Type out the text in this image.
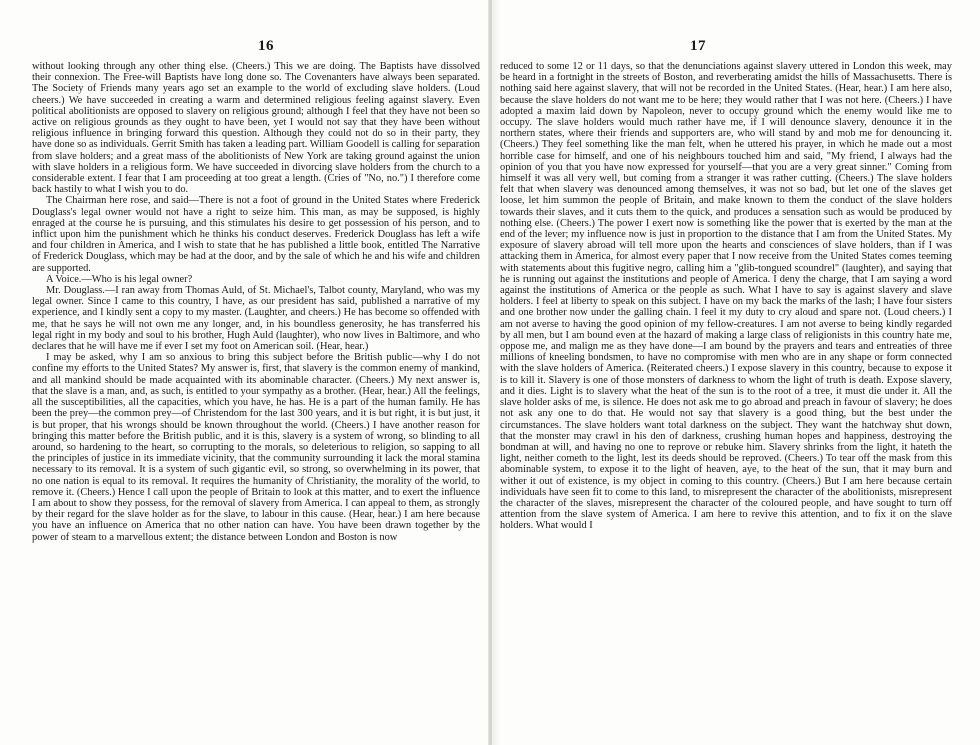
16

without looking through any other thing else. (Cheers.) This we are doing. The Baptists have dissolved their connexion. The Free-will Baptists have long done so. The Covenanters have always been separated. The Society of Friends many years ago set an example to the world of excluding slave holders. (Loud cheers.) We have succeeded in creating a warm and determined religious feeling against slavery. Even political abolitionists are opposed to slavery on religious ground; although I feel that they have not been so active on religious grounds as they ought to have been, yet I would not say that they have been without religious influence in bringing forward this question. Although they could not do so in their party, they have done so as individuals. Gerrit Smith has taken a leading part. William Goodell is calling for separation from slave holders; and a great mass of the abolitionists of New York are taking ground against the union with slave holders in a religious form. We have succeeded in divorcing slave holders from the church to a considerable extent. I fear that I am proceeding at too great a length. (Cries of "No, no.") I therefore come back hastily to what I wish you to do.

The Chairman here rose, and said—There is not a foot of ground in the United States where Frederick Douglass's legal owner would not have a right to seize him. This man, as may be supposed, is highly enraged at the course he is pursuing, and this stimulates his desire to get possession of his person, and to inflict upon him the punishment which he thinks his conduct deserves. Frederick Douglass has left a wife and four children in America, and I wish to state that he has published a little book, entitled The Narrative of Frederick Douglass, which may be had at the door, and by the sale of which he and his wife and children are supported.

A Voice.—Who is his legal owner?

Mr. Douglass.—I ran away from Thomas Auld, of St. Michael's, Talbot county, Maryland, who was my legal owner. Since I came to this country, I have, as our president has said, published a narrative of my experience, and I kindly sent a copy to my master. (Laughter, and cheers.) He has become so offended with me, that he says he will not own me any longer, and, in his boundless generosity, he has transferred his legal right in my body and soul to his brother, Hugh Auld (laughter), who now lives in Baltimore, and who declares that he will have me if ever I set my foot on American soil. (Hear, hear.)

I may be asked, why I am so anxious to bring this subject before the British public—why I do not confine my efforts to the United States? My answer is, first, that slavery is the common enemy of mankind, and all mankind should be made acquainted with its abominable character. (Cheers.) My next answer is, that the slave is a man, and, as such, is entitled to your sympathy as a brother. (Hear, hear.) All the feelings, all the susceptibilities, all the capacities, which you have, he has. He is a part of the human family. He has been the prey—the common prey—of Christendom for the last 300 years, and it is but right, it is but just, it is but proper, that his wrongs should be known throughout the world. (Cheers.) I have another reason for bringing this matter before the British public, and it is this, slavery is a system of wrong, so blinding to all around, so hardening to the heart, so corrupting to the morals, so deleterious to religion, so sapping to all the principles of justice in its immediate vicinity, that the community surrounding it lack the moral stamina necessary to its removal. It is a system of such gigantic evil, so strong, so overwhelming in its power, that no one nation is equal to its removal. It requires the humanity of Christianity, the morality of the world, to remove it. (Cheers.) Hence I call upon the people of Britain to look at this matter, and to exert the influence I am about to show they possess, for the removal of slavery from America. I can appeal to them, as strongly by their regard for the slave holder as for the slave, to labour in this cause. (Hear, hear.) I am here because you have an influence on America that no other nation can have. You have been drawn together by the power of steam to a marvellous extent; the distance between London and Boston is now

17

reduced to some 12 or 11 days, so that the denunciations against slavery uttered in London this week, may be heard in a fortnight in the streets of Boston, and reverberating amidst the hills of Massachusetts. There is nothing said here against slavery, that will not be recorded in the United States. (Hear, hear.) I am here also, because the slave holders do not want me to be here; they would rather that I was not here. (Cheers.) I have adopted a maxim laid down by Napoleon, never to occupy ground which the enemy would like me to occupy. The slave holders would much rather have me, if I will denounce slavery, denounce it in the northern states, where their friends and supporters are, who will stand by and mob me for denouncing it. (Cheers.) They feel something like the man felt, when he uttered his prayer, in which he made out a most horrible case for himself, and one of his neighbours touched him and said, "My friend, I always had the opinion of you that you have now expressed for yourself—that you are a very great sinner." Coming from himself it was all very well, but coming from a stranger it was rather cutting. (Cheers.) The slave holders felt that when slavery was denounced among themselves, it was not so bad, but let one of the slaves get loose, let him summon the people of Britain, and make known to them the conduct of the slave holders towards their slaves, and it cuts them to the quick, and produces a sensation such as would be produced by nothing else. (Cheers.) The power I exert now is something like the power that is exerted by the man at the end of the lever; my influence now is just in proportion to the distance that I am from the United States. My exposure of slavery abroad will tell more upon the hearts and consciences of slave holders, than if I was attacking them in America, for almost every paper that I now receive from the United States comes teeming with statements about this fugitive negro, calling him a "glib-tongued scoundrel" (laughter), and saying that he is running out against the institutions and people of America. I deny the charge, that I am saying a word against the institutions of America or the people as such. What I have to say is against slavery and slave holders. I feel at liberty to speak on this subject. I have on my back the marks of the lash; I have four sisters and one brother now under the galling chain. I feel it my duty to cry aloud and spare not. (Loud cheers.) I am not averse to having the good opinion of my fellow-creatures. I am not averse to being kindly regarded by all men, but I am bound even at the hazard of making a large class of religionists in this country hate me, oppose me, and malign me as they have done—I am bound by the prayers and tears and entreaties of three millions of kneeling bondsmen, to have no compromise with men who are in any shape or form connected with the slave holders of America. (Reiterated cheers.) I expose slavery in this country, because to expose it is to kill it. Slavery is one of those monsters of darkness to whom the light of truth is death. Expose slavery, and it dies. Light is to slavery what the heat of the sun is to the root of a tree, it must die under it. All the slave holder asks of me, is silence. He does not ask me to go abroad and preach in favour of slavery; he does not ask any one to do that. He would not say that slavery is a good thing, but the best under the circumstances. The slave holders want total darkness on the subject. They want the hatchway shut down, that the monster may crawl in his den of darkness, crushing human hopes and happiness, destroying the bondman at will, and having no one to reprove or rebuke him. Slavery shrinks from the light, it hateth the light, neither cometh to the light, lest its deeds should be reproved. (Cheers.) To tear off the mask from this abominable system, to expose it to the light of heaven, aye, to the heat of the sun, that it may burn and wither it out of existence, is my object in coming to this country. (Cheers.) But I am here because certain individuals have seen fit to come to this land, to misrepresent the character of the abolitionists, misrepresent the character of the slaves, misrepresent the character of the coloured people, and have sought to turn off attention from the slave system of America. I am here to revive this attention, and to fix it on the slave holders. What would I
